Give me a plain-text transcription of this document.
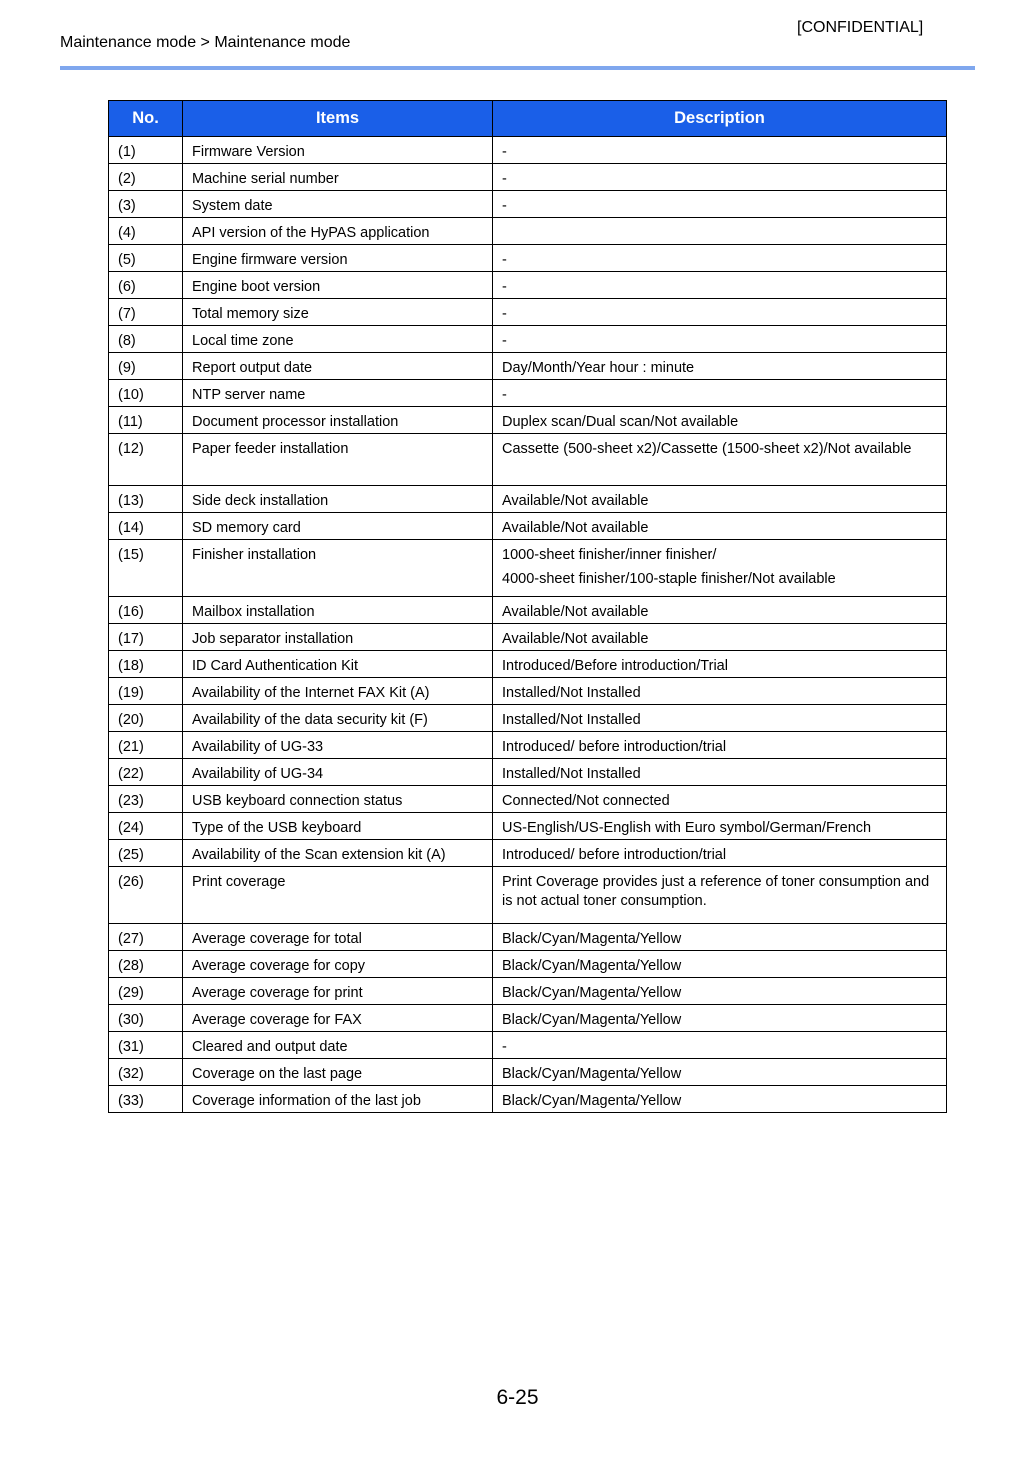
[CONFIDENTIAL]
Maintenance mode > Maintenance mode
No.	Items	Description
(1)	Firmware Version	-
(2)	Machine serial number	-
(3)	System date	-
(4)	API version of the HyPAS application	
(5)	Engine firmware version	-
(6)	Engine boot version	-
(7)	Total memory size	-
(8)	Local time zone	-
(9)	Report output date	Day/Month/Year hour : minute
(10)	NTP server name	-
(11)	Document processor installation	Duplex scan/Dual scan/Not available
(12)	Paper feeder installation	Cassette (500-sheet x2)/Cassette (1500-sheet x2)/Not available
(13)	Side deck installation	Available/Not available
(14)	SD memory card	Available/Not available
(15)	Finisher installation	1000-sheet finisher/inner finisher/
4000-sheet finisher/100-staple finisher/Not available

(16)	Mailbox installation	Available/Not available
(17)	Job separator installation	Available/Not available
(18)	ID Card Authentication Kit	Introduced/Before introduction/Trial
(19)	Availability of the Internet FAX Kit (A)	Installed/Not Installed
(20)	Availability of the data security kit (F)	Installed/Not Installed
(21)	Availability of UG-33	Introduced/ before introduction/trial
(22)	Availability of UG-34	Installed/Not Installed
(23)	USB keyboard connection status	Connected/Not connected
(24)	Type of the USB keyboard	US-English/US-English with Euro symbol/German/French
(25)	Availability of the Scan extension kit (A)	Introduced/ before introduction/trial
(26)	Print coverage	Print Coverage provides just a reference of toner consumption and is not actual toner consumption.
(27)	Average coverage for total	Black/Cyan/Magenta/Yellow
(28)	Average coverage for copy	Black/Cyan/Magenta/Yellow
(29)	Average coverage for print	Black/Cyan/Magenta/Yellow
(30)	Average coverage for FAX	Black/Cyan/Magenta/Yellow
(31)	Cleared and output date	-
(32)	Coverage on the last page	Black/Cyan/Magenta/Yellow
(33)	Coverage information of the last job	Black/Cyan/Magenta/Yellow
6-25
